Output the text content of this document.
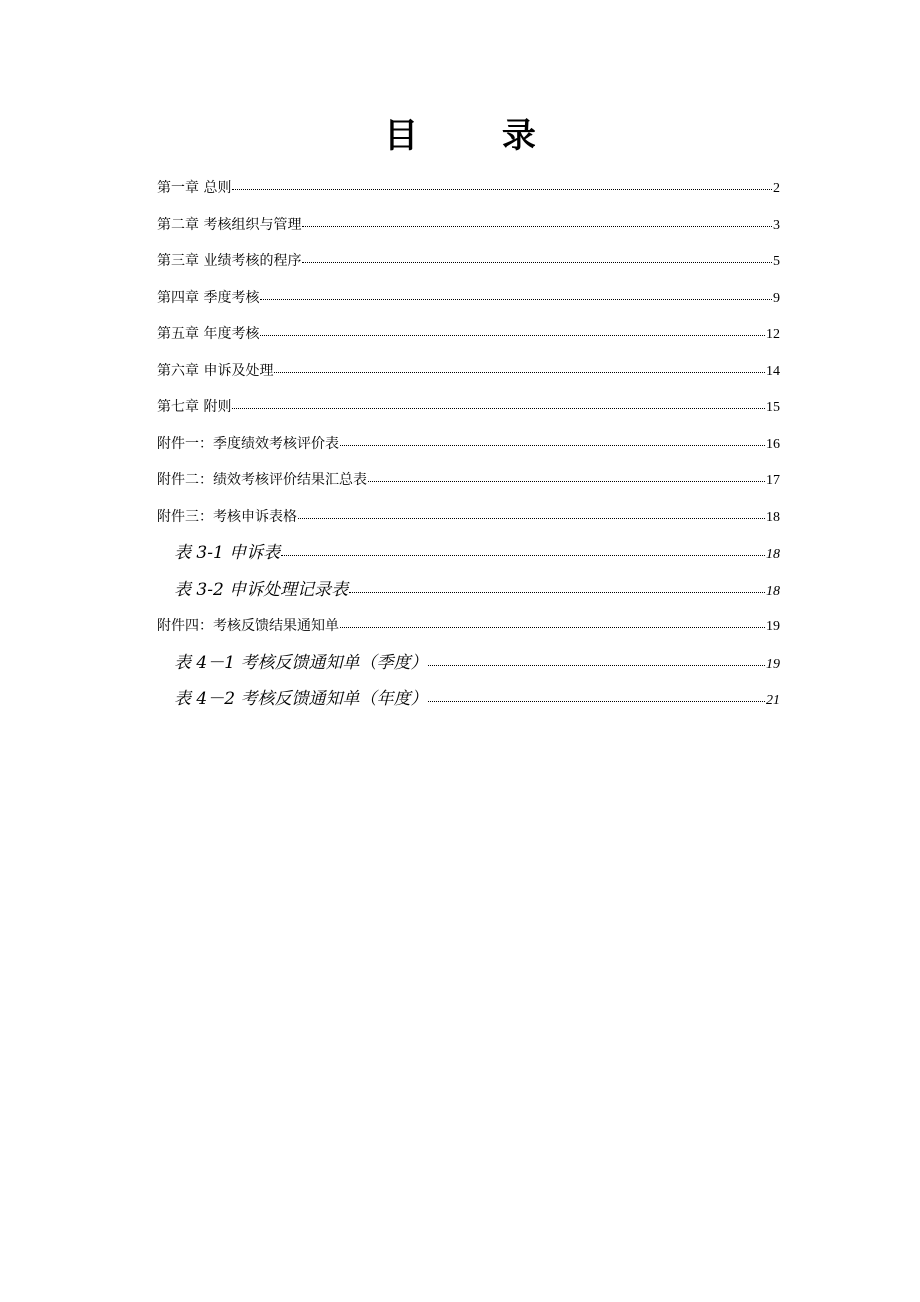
目 录
第一章 总则	2
第二章 考核组织与管理	3
第三章 业绩考核的程序	5
第四章 季度考核	9
第五章 年度考核	12
第六章 申诉及处理	14
第七章 附则	15
附件一：季度绩效考核评价表	16
附件二：绩效考核评价结果汇总表	17
附件三：考核申诉表格	18
表 3-1 申诉表	18
表 3-2 申诉处理记录表	18
附件四：考核反馈结果通知单	19
表 4－1 考核反馈通知单（季度）	19
表 4－2 考核反馈通知单（年度）	21
